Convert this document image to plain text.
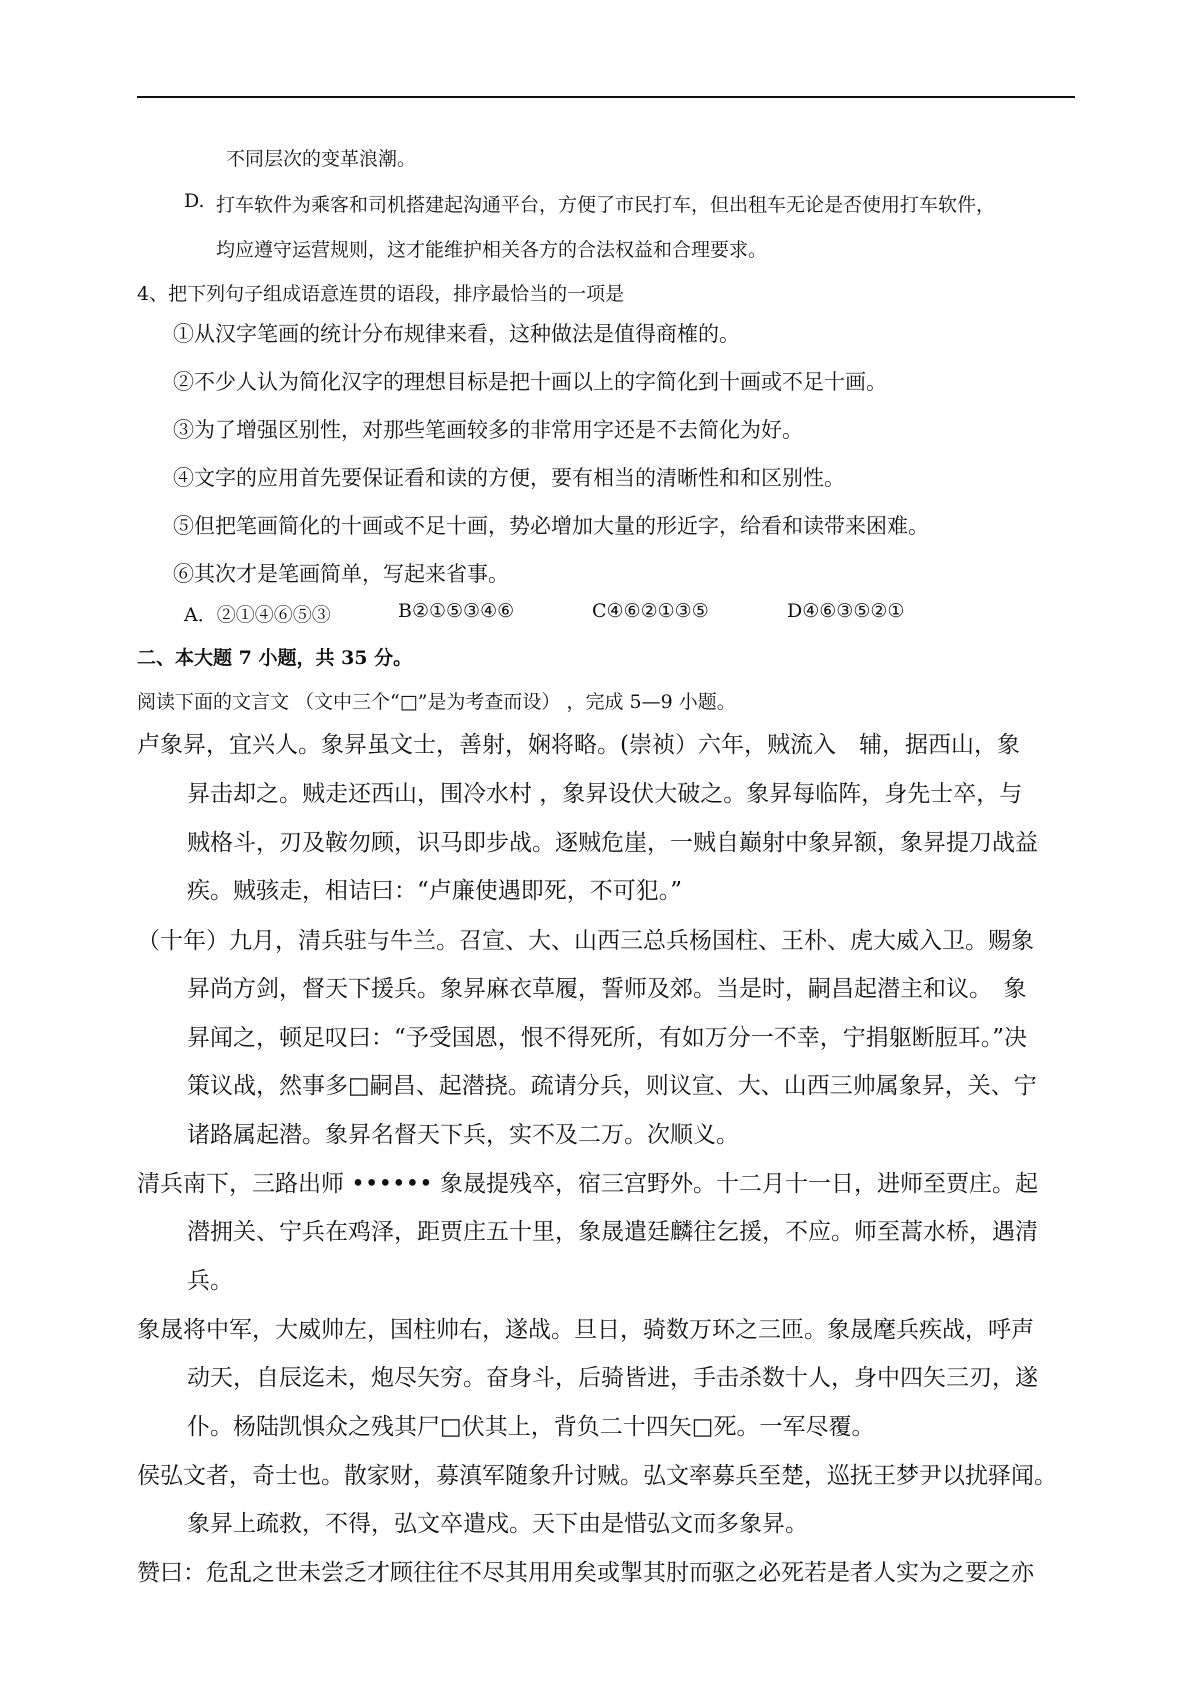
不同层次的变革浪潮。
D. 打车软件为乘客和司机搭建起沟通平台，方便了市民打车，但出租车无论是否使用打车软件，
均应遵守运营规则，这才能维护相关各方的合法权益和合理要求。
4、把下列句子组成语意连贯的语段，排序最恰当的一项是
①从汉字笔画的统计分布规律来看，这种做法是值得商榷的。
②不少人认为简化汉字的理想目标是把十画以上的字简化到十画或不足十画。
③为了增强区别性，对那些笔画较多的非常用字还是不去简化为好。
④文字的应用首先要保证看和读的方便，要有相当的清晰性和和区别性。
⑤但把笔画简化的十画或不足十画，势必增加大量的形近字，给看和读带来困难。
⑥其次才是笔画简单，写起来省事。
A．②①④⑥⑤③	B②①⑤③④⑥	C④⑥②①③⑤	D④⑥③⑤②①
二、本大题 7 小题，共 35 分。
阅读下面的文言文 （文中三个“□”是为考查而设） ，完成 5—9 小题。
卢象昇，宜兴人。象昇虽文士，善射，娴将略。(崇祯）六年，贼流入　辅，据西山，象
昇击却之。贼走还西山，围冷水村 ，象昇设伏大破之。象昇每临阵，身先士卒，与
贼格斗，刃及鞍勿顾，识马即步战。逐贼危崖，一贼自巅射中象昇额，象昇提刀战益
疾。贼骇走，相诘曰：“卢廉使遇即死，不可犯。”
（十年）九月，清兵驻与牛兰。召宣、大、山西三总兵杨国柱、王朴、虎大威入卫。赐象
昇尚方剑，督天下援兵。象昇麻衣草履，誓师及郊。当是时，嗣昌起潜主和议。　象
昇闻之，顿足叹曰：“予受国恩，恨不得死所，有如万分一不幸，宁捐躯断脰耳。”决
策议战，然事多□嗣昌、起潜挠。疏请分兵，则议宣、大、山西三帅属象昇，关、宁
诸路属起潜。象昇名督天下兵，实不及二万。次顺义。
清兵南下，三路出师 •••••• 象晟提残卒，宿三宫野外。十二月十一日，进师至贾庄。起
潜拥关、宁兵在鸡泽，距贾庄五十里，象晟遣廷麟往乞援，不应。师至蒿水桥，遇清
兵。
象晟将中军，大威帅左，国柱帅右，遂战。旦日，骑数万环之三匝。象晟麾兵疾战，呼声
动天，自辰迄未，炮尽矢穷。奋身斗，后骑皆进，手击杀数十人，身中四矢三刃，遂
仆。杨陆凯惧众之残其尸□伏其上，背负二十四矢□死。一军尽覆。
侯弘文者，奇士也。散家财，募滇军随象升讨贼。弘文率募兵至楚，巡抚王梦尹以扰驿闻。
象昇上疏救，不得，弘文卒遣戍。天下由是惜弘文而多象昇。
赞曰：危乱之世未尝乏才顾往往不尽其用用矣或掣其肘而驱之必死若是者人实为之要之亦
